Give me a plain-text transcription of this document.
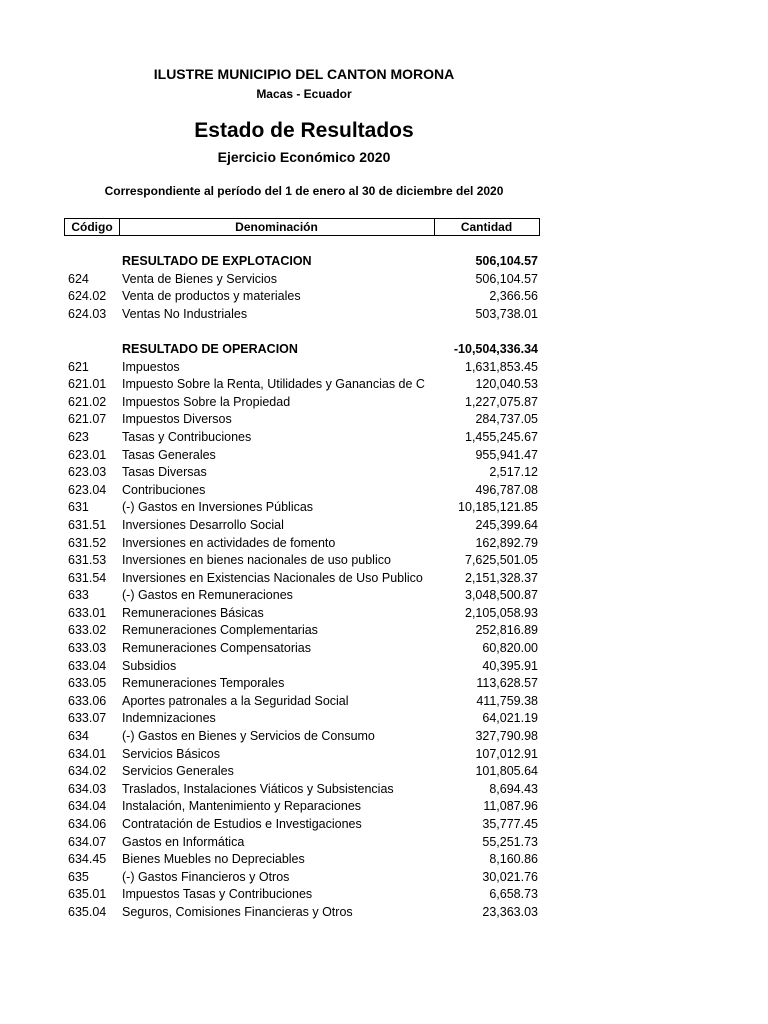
ILUSTRE MUNICIPIO DEL CANTON MORONA
Macas - Ecuador
Estado de Resultados
Ejercicio Económico 2020
Correspondiente al período del 1 de enero al 30 de diciembre del 2020
Código	Denominación	Cantidad
RESULTADO DE EXPLOTACION	506,104.57
624	Venta de Bienes y Servicios	506,104.57
624.02 Venta de productos y materiales	2,366.56
624.03 Ventas No Industriales	503,738.01
RESULTADO DE OPERACION	-10,504,336.34
621	Impuestos	1,631,853.45
621.01 Impuesto Sobre la Renta, Utilidades y Ganancias de C	120,040.53
621.02 Impuestos Sobre la Propiedad	1,227,075.87
621.07 Impuestos Diversos	284,737.05
623	Tasas y Contribuciones	1,455,245.67
623.01 Tasas Generales	955,941.47
623.03 Tasas Diversas	2,517.12
623.04 Contribuciones	496,787.08
631	(-) Gastos en Inversiones Públicas	10,185,121.85
631.51 Inversiones Desarrollo Social	245,399.64
631.52 Inversiones en actividades de fomento	162,892.79
631.53 Inversiones en bienes nacionales de uso publico	7,625,501.05
631.54 Inversiones en Existencias Nacionales de Uso Publico	2,151,328.37
633	(-) Gastos en Remuneraciones	3,048,500.87
633.01 Remuneraciones Básicas	2,105,058.93
633.02 Remuneraciones Complementarias	252,816.89
633.03 Remuneraciones Compensatorias	60,820.00
633.04 Subsidios	40,395.91
633.05 Remuneraciones Temporales	113,628.57
633.06 Aportes patronales a la Seguridad Social	411,759.38
633.07 Indemnizaciones	64,021.19
634	(-) Gastos en Bienes y Servicios de Consumo	327,790.98
634.01 Servicios Básicos	107,012.91
634.02 Servicios Generales	101,805.64
634.03 Traslados, Instalaciones Viáticos y Subsistencias	8,694.43
634.04 Instalación, Mantenimiento y Reparaciones	11,087.96
634.06 Contratación de Estudios e Investigaciones	35,777.45
634.07 Gastos en Informática	55,251.73
634.45 Bienes Muebles no Depreciables	8,160.86
635	(-) Gastos Financieros y Otros	30,021.76
635.01 Impuestos Tasas y Contribuciones	6,658.73
635.04 Seguros, Comisiones Financieras y Otros	23,363.03
